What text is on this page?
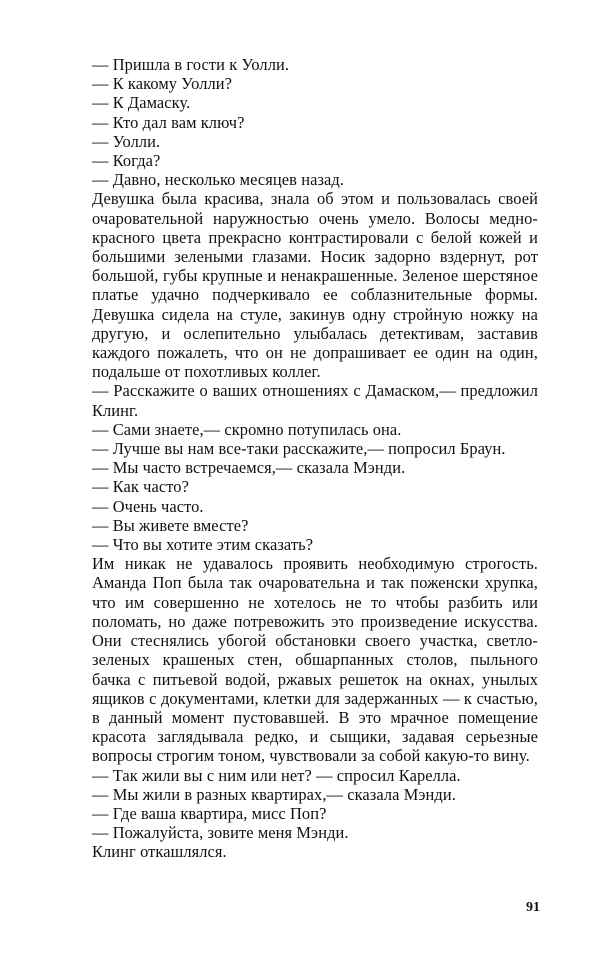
— Пришла в гости к Уолли.

— К какому Уолли?

— К Дамаску.

— Кто дал вам ключ?

— Уолли.

— Когда?

— Давно, несколько месяцев назад.

Девушка была красива, знала об этом и пользовалась своей очаровательной наружностью очень умело. Волосы медно-красного цвета прекрасно контрастировали с белой кожей и большими зелеными глазами. Носик задорно вздернут, рот большой, губы крупные и ненакрашенные. Зеленое шерстяное платье удачно подчеркивало ее соблазнительные формы. Девушка сидела на стуле, закинув одну стройную ножку на другую, и ослепительно улыбалась детективам, заставив каждого пожалеть, что он не допрашивает ее один на один, подальше от похотливых коллег.

— Расскажите о ваших отношениях с Дамаском,— предложил Клинг.

— Сами знаете,— скромно потупилась она.

— Лучше вы нам все-таки расскажите,— попросил Браун.

— Мы часто встречаемся,— сказала Мэнди.

— Как часто?

— Очень часто.

— Вы живете вместе?

— Что вы хотите этим сказать?

Им никак не удавалось проявить необходимую строгость. Аманда Поп была так очаровательна и так поженски хрупка, что им совершенно не хотелось не то чтобы разбить или поломать, но даже потревожить это произведение искусства. Они стеснялись убогой обстановки своего участка, светло-зеленых крашеных стен, обшарпанных столов, пыльного бачка с питьевой водой, ржавых решеток на окнах, унылых ящиков с документами, клетки для задержанных — к счастью, в данный момент пустовавшей. В это мрачное помещение красота заглядывала редко, и сыщики, задавая серьезные вопросы строгим тоном, чувствовали за собой какую-то вину.

— Так жили вы с ним или нет? — спросил Карелла.

— Мы жили в разных квартирах,— сказала Мэнди.

— Где ваша квартира, мисс Поп?

— Пожалуйста, зовите меня Мэнди.

Клинг откашлялся.

91
